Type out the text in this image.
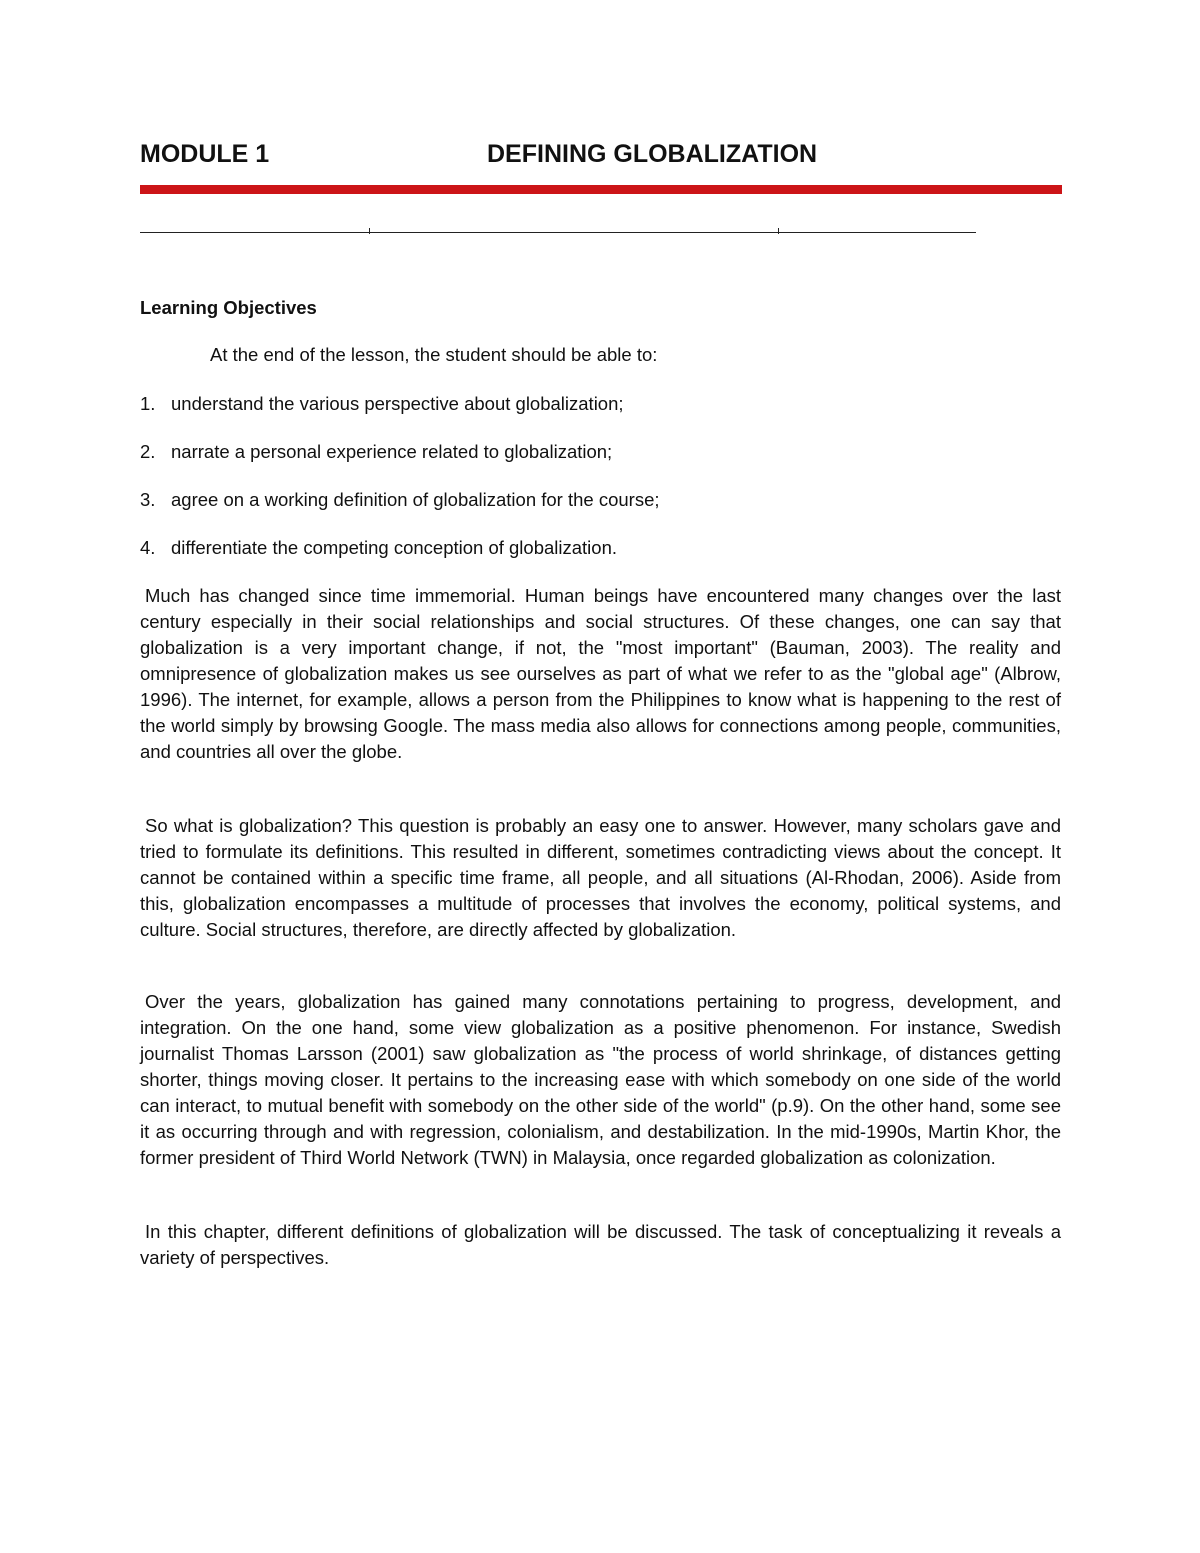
MODULE 1	DEFINING GLOBALIZATION
Learning Objectives
At the end of the lesson, the student should be able to:
1. understand the various perspective about globalization;
2. narrate a personal experience related to globalization;
3. agree on a working definition of globalization for the course;
4. differentiate the competing conception of globalization.

Much has changed since time immemorial. Human beings have encountered many changes over the last century especially in their social relationships and social structures. Of these changes, one can say that globalization is a very important change, if not, the "most important" (Bauman, 2003). The reality and omnipresence of globalization makes us see ourselves as part of what we refer to as the "global age" (Albrow, 1996). The internet, for example, allows a person from the Philippines to know what is happening to the rest of the world simply by browsing Google. The mass media also allows for connections among people, communities, and countries all over the globe.

So what is globalization? This question is probably an easy one to answer. However, many scholars gave and tried to formulate its definitions. This resulted in different, sometimes contradicting views about the concept. It cannot be contained within a specific time frame, all people, and all situations (Al-Rhodan, 2006). Aside from this, globalization encompasses a multitude of processes that involves the economy, political systems, and culture. Social structures, therefore, are directly affected by globalization.

Over the years, globalization has gained many connotations pertaining to progress, development, and integration. On the one hand, some view globalization as a positive phenomenon. For instance, Swedish journalist Thomas Larsson (2001) saw globalization as "the process of world shrinkage, of distances getting shorter, things moving closer. It pertains to the increasing ease with which somebody on one side of the world can interact, to mutual benefit with somebody on the other side of the world" (p.9). On the other hand, some see it as occurring through and with regression, colonialism, and destabilization. In the mid-1990s, Martin Khor, the former president of Third World Network (TWN) in Malaysia, once regarded globalization as colonization.

In this chapter, different definitions of globalization will be discussed. The task of conceptualizing it reveals a variety of perspectives.
